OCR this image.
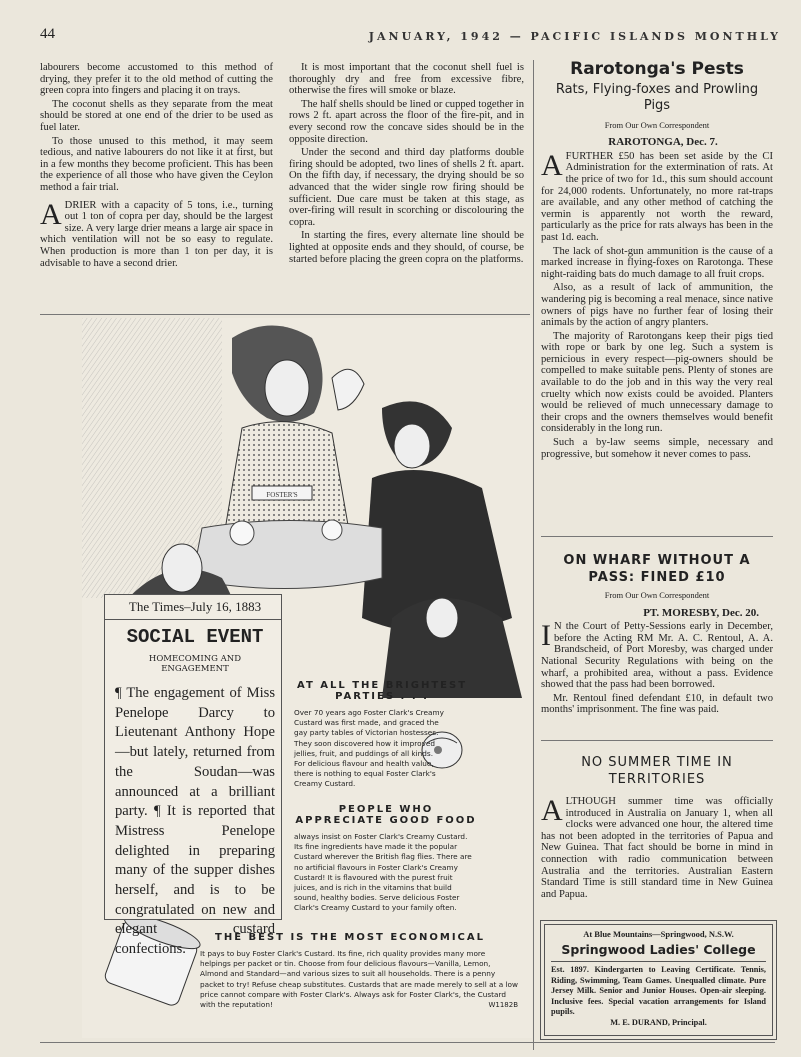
44	JANUARY, 1942 — PACIFIC ISLANDS MONTHLY

labourers become accustomed to this method of drying, they prefer it to the old method of cutting the green copra into fingers and placing it on trays.

The coconut shells as they separate from the meat should be stored at one end of the drier to be used as fuel later.

To those unused to this method, it may seem tedious, and native labourers do not like it at first, but in a few months they become proficient. This has been the experience of all those who have given the Ceylon method a fair trial.

ADRIER with a capacity of 5 tons, i.e., turning out 1 ton of copra per day, should be the largest size. A very large drier means a large air space in which ventilation will not be so easy to regulate. When production is more than 1 ton per day, it is advisable to have a second drier.

It is most important that the coconut shell fuel is thoroughly dry and free from excessive fibre, otherwise the fires will smoke or blaze.

The half shells should be lined or cupped together in rows 2 ft. apart across the floor of the fire-pit, and in every second row the concave sides should be in the opposite direction.

Under the second and third day platforms double firing should be adopted, two lines of shells 2 ft. apart. On the fifth day, if necessary, the drying should be so advanced that the wider single row firing should be sufficient. Due care must be taken at this stage, as over-firing will result in scorching or discolouring the copra.

In starting the fires, every alternate line should be lighted at opposite ends and they should, of course, be started before placing the green copra on the platforms.

Rarotonga's Pests
Rats, Flying-foxes and Prowling Pigs
From Our Own Correspondent

RAROTONGA, Dec. 7.

AFURTHER £50 has been set aside by the CI Administration for the extermination of rats. At the price of two for 1d., this sum should account for 24,000 rodents. Unfortunately, no more rat-traps are available, and any other method of catching the vermin is apparently not worth the reward, particularly as the price for rats always has been in the past 1d. each.

The lack of shot-gun ammunition is the cause of a marked increase in flying-foxes on Rarotonga. These night-raiding bats do much damage to all fruit crops.

Also, as a result of lack of ammunition, the wandering pig is becoming a real menace, since native owners of pigs have no further fear of losing their animals by the action of angry planters.

The majority of Rarotongans keep their pigs tied with rope or bark by one leg. Such a system is pernicious in every respect—pig-owners should be compelled to make suitable pens. Plenty of stones are available to do the job and in this way the very real cruelty which now exists could be avoided. Planters would be relieved of much unnecessary damage to their crops and the owners themselves would benefit considerably in the long run.

Such a by-law seems simple, necessary and progressive, but somehow it never comes to pass.

ON WHARF WITHOUT A PASS: FINED £10
From Our Own Correspondent

PT. MORESBY, Dec. 20.

I N the Court of Petty-Sessions early in December, before the Acting RM Mr. A. C. Rentoul, A. A. Brandscheid, of Port Moresby, was charged under National Security Regulations with being on the wharf, a prohibited area, without a pass. Evidence showed that the pass had been borrowed.

Mr. Rentoul fined defendant £10, in default two months' imprisonment. The fine was paid.

NO SUMMER TIME IN TERRITORIES

ALTHOUGH summer time was officially introduced in Australia on January 1, when all clocks were advanced one hour, the altered time has not been adopted in the territories of Papua and New Guinea. That fact should be borne in mind in connection with radio communication between Australia and the territories. Australian Eastern Standard Time is still standard time in New Guinea and Papua.

At Blue Mountains—Springwood, N.S.W.
Springwood Ladies' College
Est. 1897. Kindergarten to Leaving Certificate. Tennis, Riding, Swimming, Team Games. Unequalled climate. Pure Jersey Milk. Senior and Junior Houses. Open-air sleeping. Inclusive fees. Special vacation arrangements for Island pupils.
M. E. DURAND, Principal.
FOSTER'S
AT ALL THE BRIGHTEST PARTIES . . .
Over 70 years ago Foster Clark's Creamy Custard was first made, and graced the gay party tables of Victorian hostesses. They soon discovered how it improved jellies, fruit, and puddings of all kinds. For delicious flavour and health value, there is nothing to equal Foster Clark's Creamy Custard.
PEOPLE WHO APPRECIATE GOOD FOOD
always insist on Foster Clark's Creamy Custard. Its fine ingredients have made it the popular Custard wherever the British flag flies. There are no artificial flavours in Foster Clark's Creamy Custard! It is flavoured with the purest fruit juices, and is rich in the vitamins that build sound, healthy bodies. Serve delicious Foster Clark's Creamy Custard to your family often.
THE BEST IS THE MOST ECONOMICAL
It pays to buy Foster Clark's Custard. Its fine, rich quality provides many more helpings per packet or tin. Choose from four delicious flavours—Vanilla, Lemon, Almond and Standard—and various sizes to suit all households. There is a penny packet to try! Refuse cheap substitutes. Custards that are made merely to sell at a low price cannot compare with Foster Clark's. Always ask for Foster Clark's, the Custard with the reputation!	W1182B
The Times–July 16, 1883
SOCIAL EVENT
HOMECOMING AND ENGAGEMENT
¶ The engagement of Miss Penelope Darcy to Lieutenant Anthony Hope—but lately, returned from the Soudan—was announced at a brilliant party. ¶ It is reported that Mistress Penelope delighted in preparing many of the supper dishes herself, and is to be congratulated on new and elegant custard confections.
